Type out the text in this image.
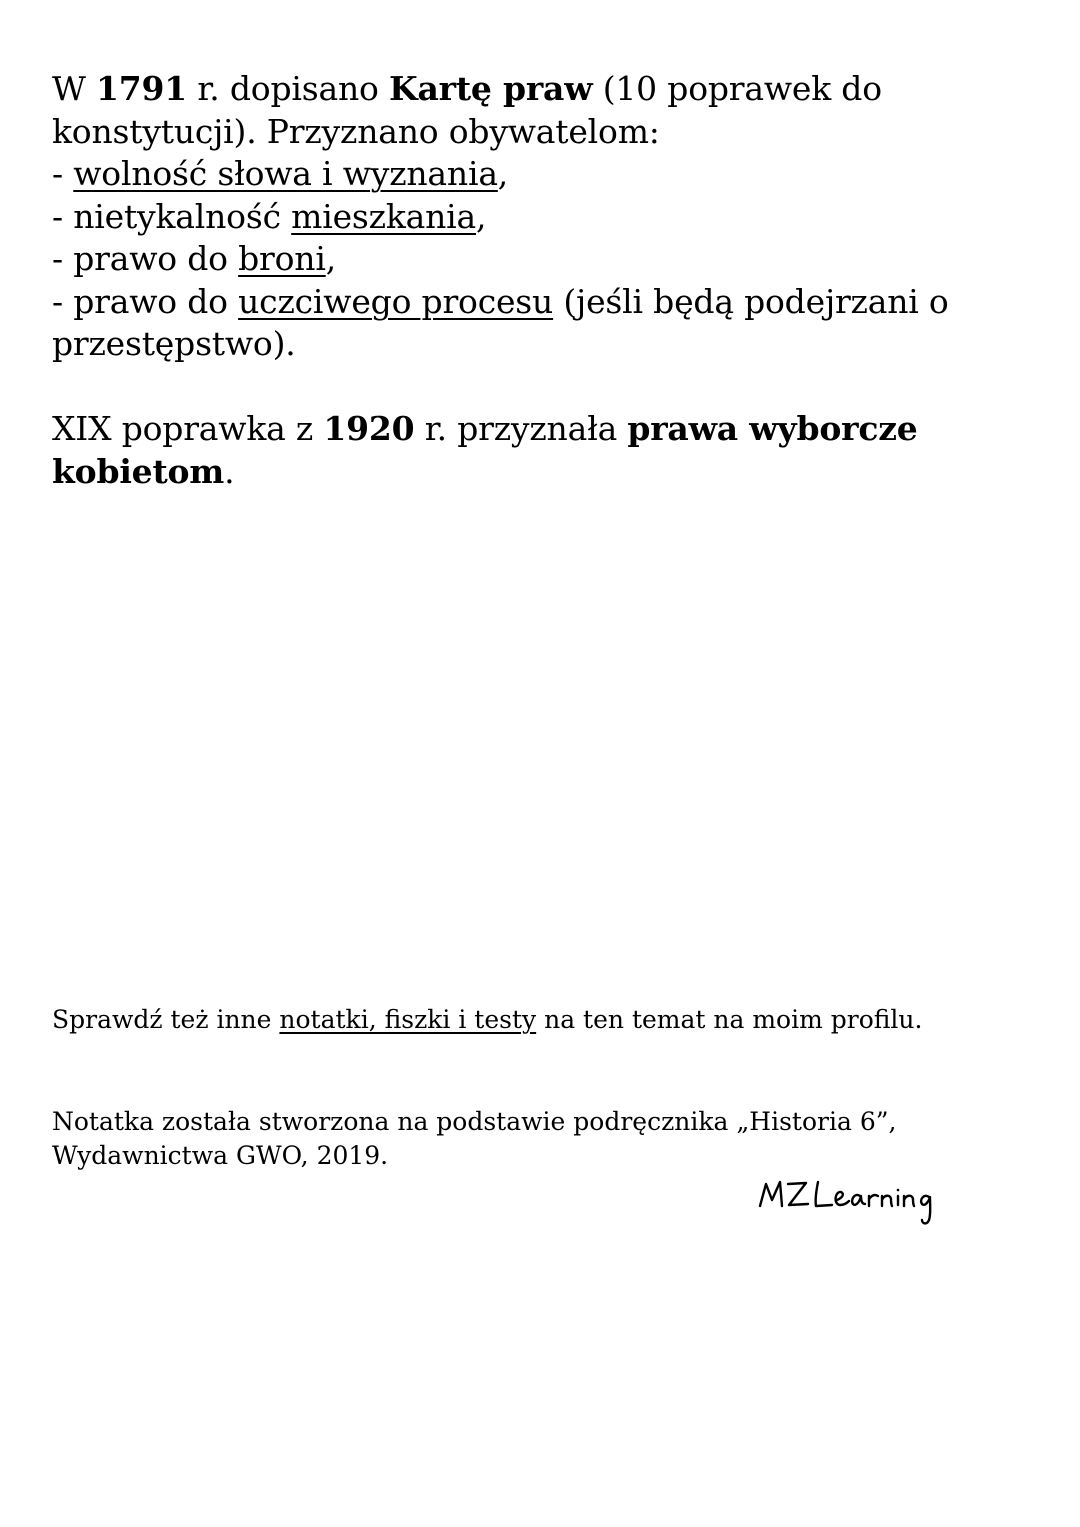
W 1791 r. dopisano Kartę praw (10 poprawek do
konstytucji). Przyznano obywatelom:
- wolność słowa i wyznania,
- nietykalność mieszkania,
- prawo do broni,
- prawo do uczciwego procesu (jeśli będą podejrzani o
przestępstwo).
XIX poprawka z 1920 r. przyznała prawa wyborcze
kobietom.
Sprawdź też inne notatki, fiszki i testy na ten temat na moim profilu.
Notatka została stworzona na podstawie podręcznika „Historia 6”,
Wydawnictwa GWO, 2019.
